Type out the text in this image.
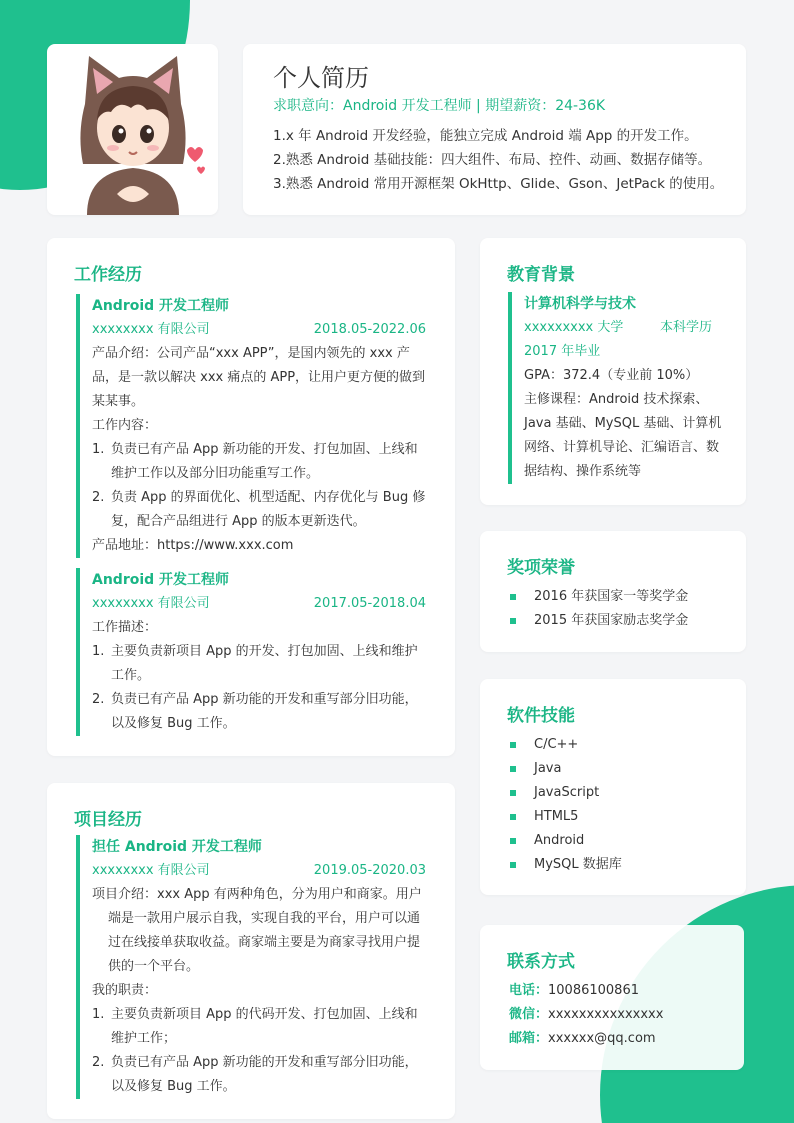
个人简历
求职意向：Android 开发工程师 | 期望薪资：24-36K
1.x 年 Android 开发经验，能独立完成 Android 端 App 的开发工作。
2.熟悉 Android 基础技能：四大组件、布局、控件、动画、数据存储等。
3.熟悉 Android 常用开源框架 OkHttp、Glide、Gson、JetPack 的使用。
工作经历
Android 开发工程师
xxxxxxxx 有限公司	2018.05-2022.06
产品介绍：公司产品“xxx APP”，是国内领先的 xxx 产品，是一款以解决 xxx 痛点的 APP，让用户更方便的做到某某事。
工作内容：
1. 负责已有产品 App 新功能的开发、打包加固、上线和维护工作以及部分旧功能重写工作。
2. 负责 App 的界面优化、机型适配、内存优化与 Bug 修复，配合产品组进行 App 的版本更新迭代。
产品地址：https://www.xxx.com
Android 开发工程师
xxxxxxxx 有限公司	2017.05-2018.04
工作描述：
1. 主要负责新项目 App 的开发、打包加固、上线和维护工作。
2. 负责已有产品 App 新功能的开发和重写部分旧功能，以及修复 Bug 工作。
项目经历
担任 Android 开发工程师
xxxxxxxx 有限公司	2019.05-2020.03
项目介绍：xxx App 有两种角色，分为用户和商家。用户端是一款用户展示自我，实现自我的平台，用户可以通过在线接单获取收益。商家端主要是为商家寻找用户提供的一个平台。
我的职责：
1. 主要负责新项目 App 的代码开发、打包加固、上线和维护工作；
2. 负责已有产品 App 新功能的开发和重写部分旧功能，以及修复 Bug 工作。
教育背景
计算机科学与技术
xxxxxxxxx 大学	本科学历
2017 年毕业
GPA：372.4（专业前 10%）
主修课程：Android 技术探索、Java 基础、MySQL 基础、计算机网络、计算机导论、汇编语言、数据结构、操作系统等
奖项荣誉
2016 年获国家一等奖学金
2015 年获国家励志奖学金
软件技能
C/C++
Java
JavaScript
HTML5
Android
MySQL 数据库
联系方式
电话：10086100861
微信：xxxxxxxxxxxxxxx
邮箱：xxxxxx@qq.com
